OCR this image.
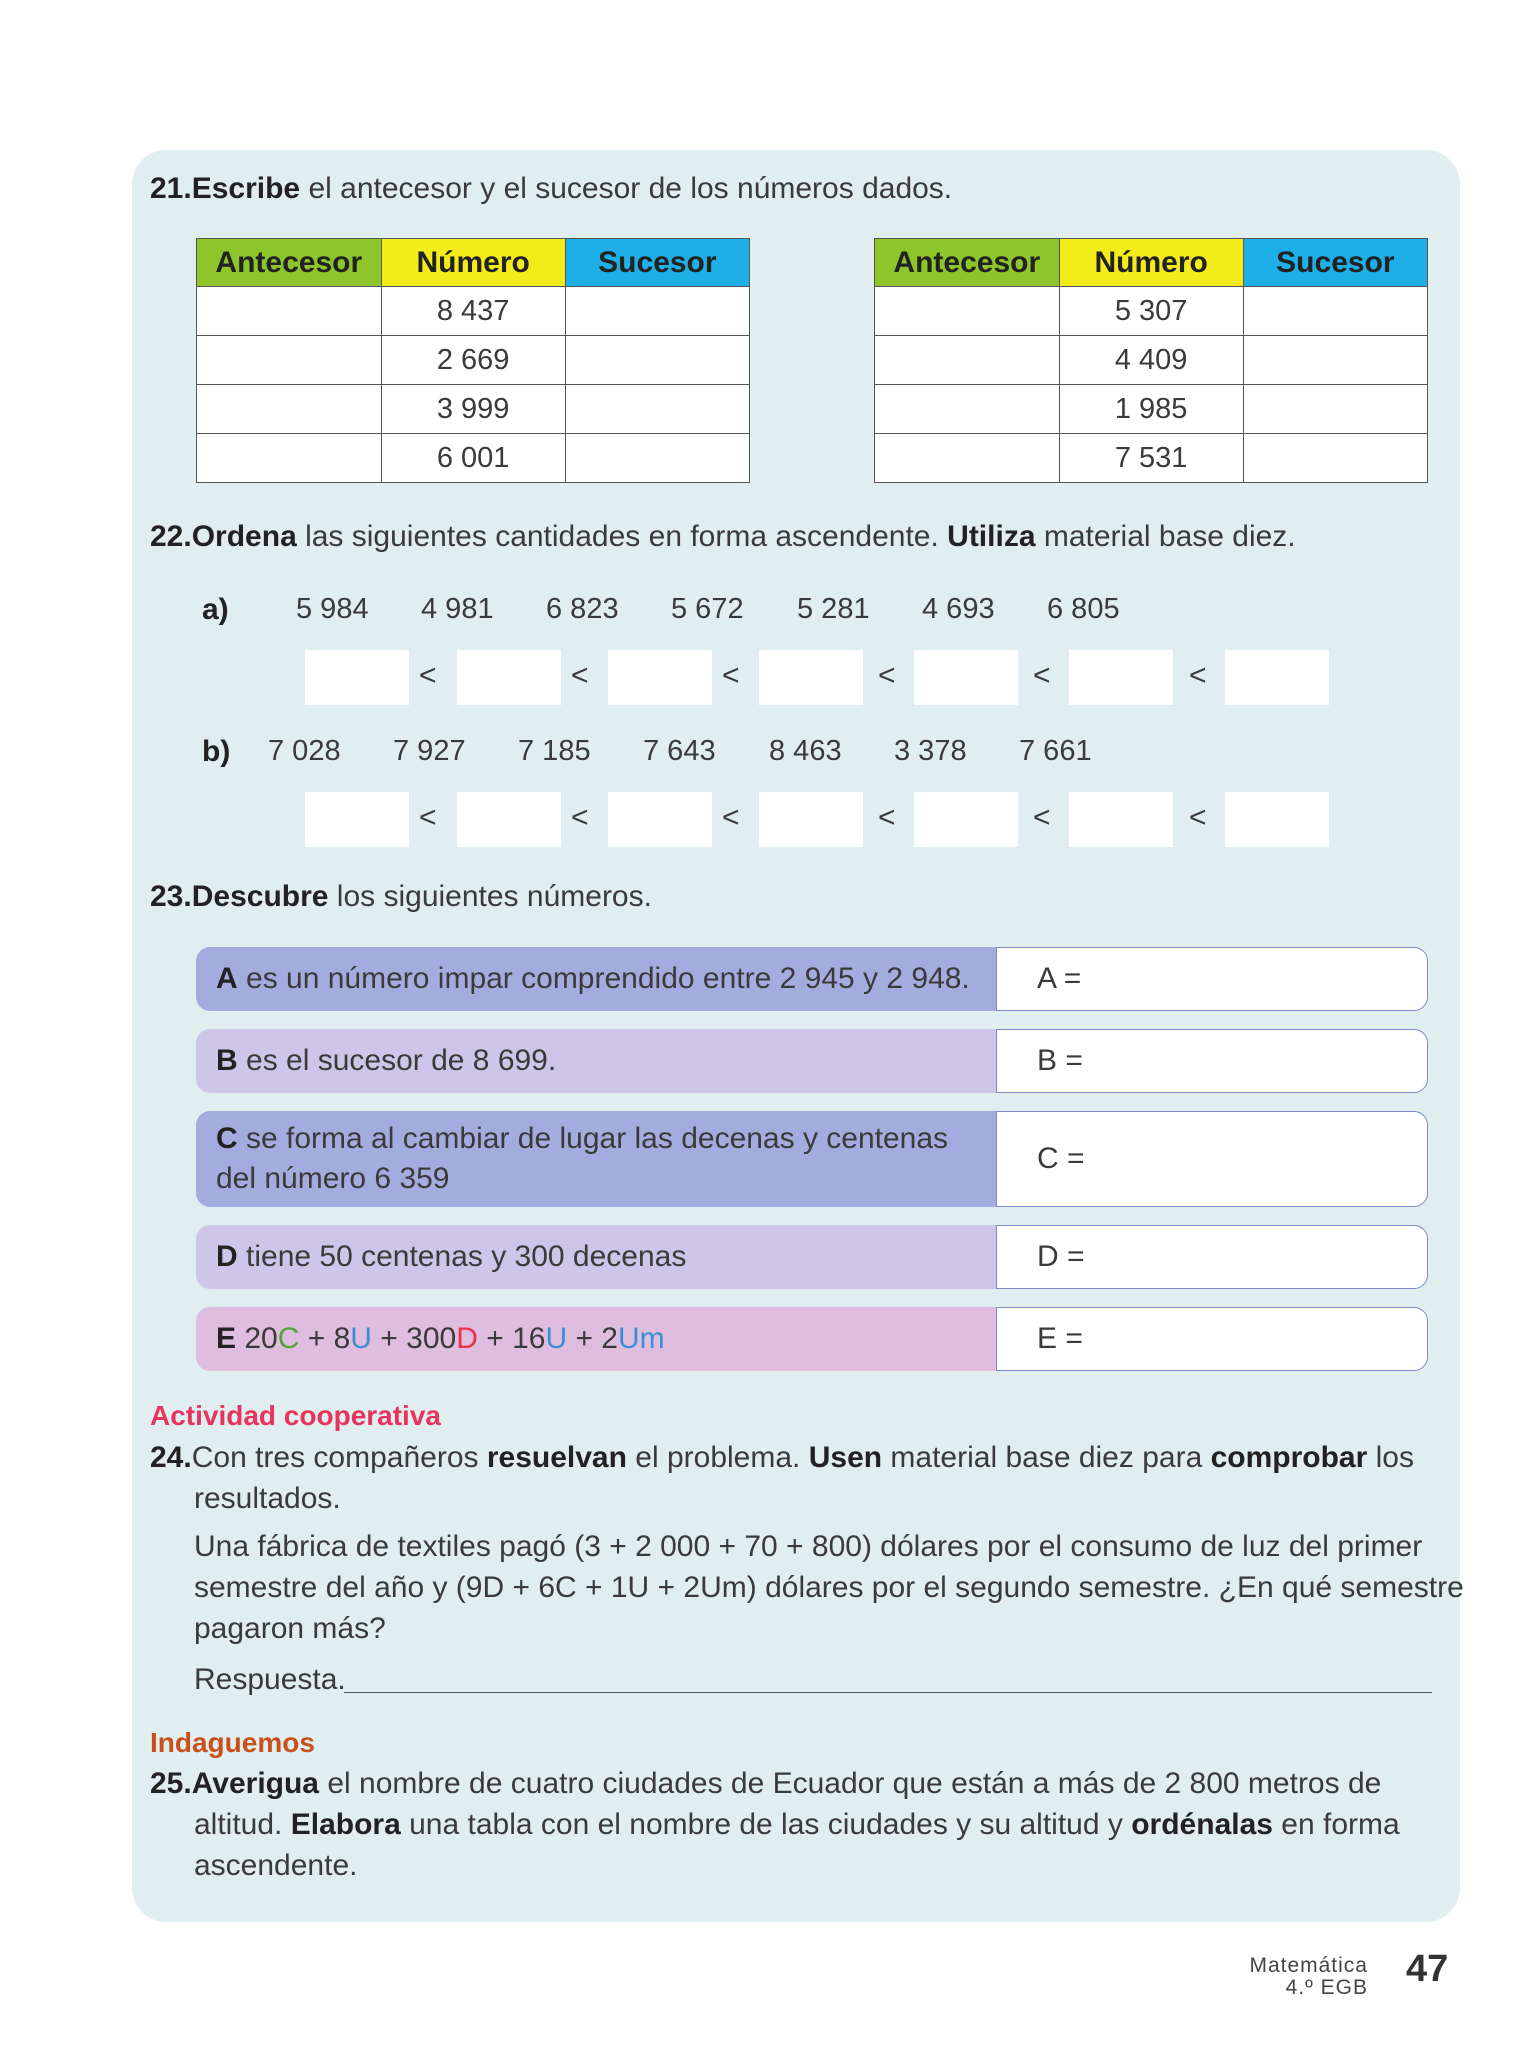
21.Escribe el antecesor y el sucesor de los números dados.
Antecesor	Número	Sucesor
	8 437	
	2 669	
	3 999	
	6 001	
Antecesor	Número	Sucesor
	5 307	
	4 409	
	1 985	
	7 531	
22.Ordena las siguientes cantidades en forma ascendente. Utiliza material base diez.
a) 5 984 4 981 6 823 5 672 5 281 4 693 6 805
<	<	<	<	<	<
b) 7 028 7 927 7 185 7 643 8 463 3 378 7 661
<	<	<	<	<	<
23.Descubre los siguientes números.
A es un número impar comprendido entre 2 945 y 2 948.	A =
B es el sucesor de 8 699.	B =
C se forma al cambiar de lugar las decenas y centenas
del número 6 359
C =
D tiene 50 centenas y 300 decenas	D =
E 20C + 8U + 300D + 16U + 2Um	E =
Actividad cooperativa
24.Con tres compañeros resuelvan el problema. Usen material base diez para comprobar los
resultados.
Una fábrica de textiles pagó (3 + 2 000 + 70 + 800) dólares por el consumo de luz del primer
semestre del año y (9D + 6C + 1U + 2Um) dólares por el segundo semestre. ¿En qué semestre
pagaron más?
Respuesta.
Indaguemos
25.Averigua el nombre de cuatro ciudades de Ecuador que están a más de 2 800 metros de
altitud. Elabora una tabla con el nombre de las ciudades y su altitud y ordénalas en forma
ascendente.
Matemática
4.º EGB 47
